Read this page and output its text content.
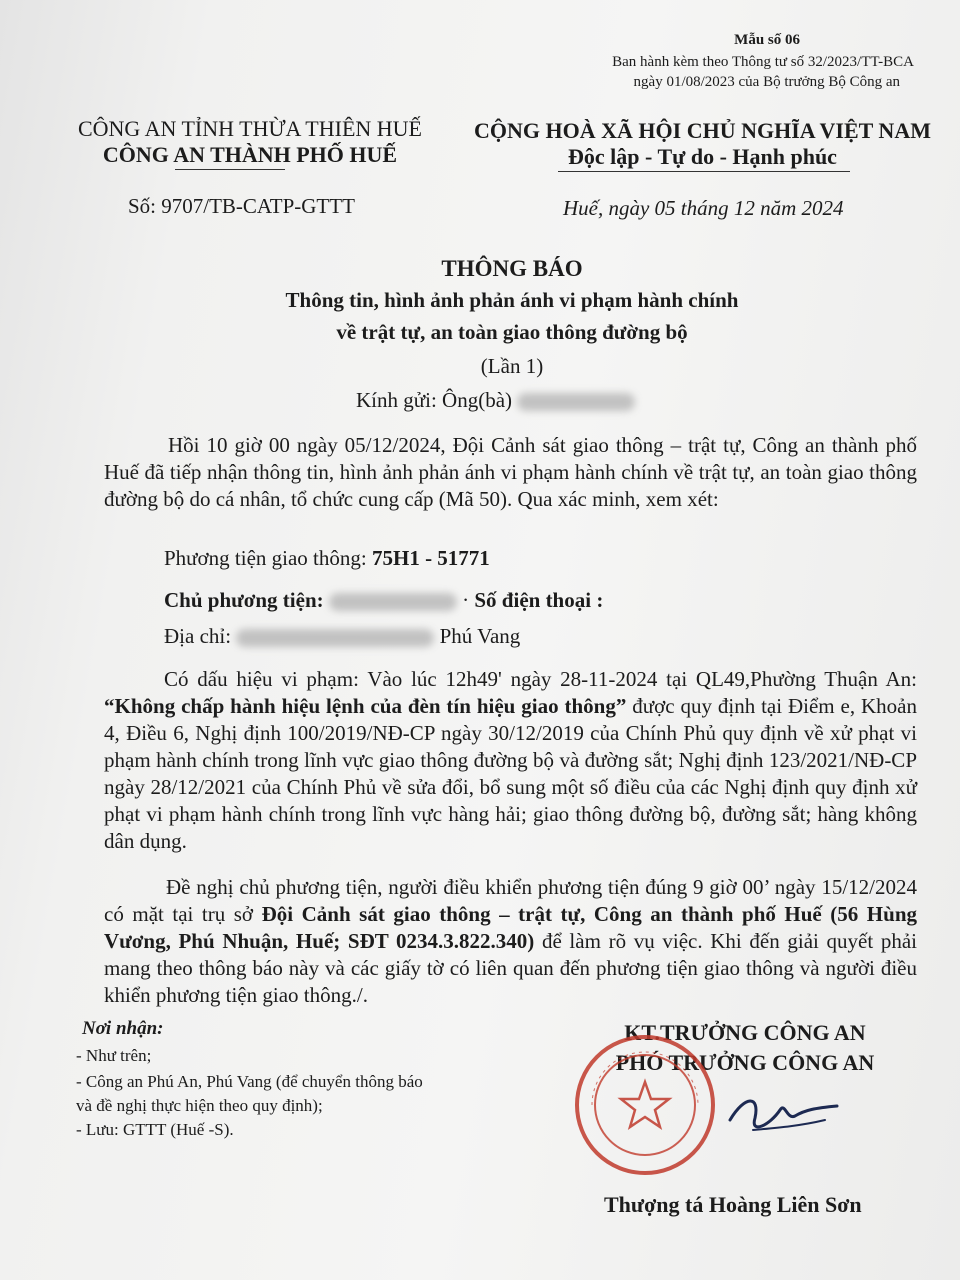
Mẫu số 06
Ban hành kèm theo Thông tư số 32/2023/TT-BCA
ngày 01/08/2023 của Bộ trưởng Bộ Công an
CÔNG AN TỈNH THỪA THIÊN HUẾ
CÔNG AN THÀNH PHỐ HUẾ
Số: 9707/TB-CATP-GTTT
CỘNG HOÀ XÃ HỘI CHỦ NGHĨA VIỆT NAM
Độc lập - Tự do - Hạnh phúc
Huế, ngày 05 tháng 12 năm 2024
THÔNG BÁO
Thông tin, hình ảnh phản ánh vi phạm hành chính
về trật tự, an toàn giao thông đường bộ
(Lần 1)
Kính gửi: Ông(bà)

Hồi 10 giờ 00 ngày 05/12/2024, Đội Cảnh sát giao thông – trật tự, Công an thành phố Huế đã tiếp nhận thông tin, hình ảnh phản ánh vi phạm hành chính về trật tự, an toàn giao thông đường bộ do cá nhân, tổ chức cung cấp (Mã 50). Qua xác minh, xem xét:

Phương tiện giao thông: 75H1 - 51771
Chủ phương tiện:	· Số điện thoại :
Địa chỉ:	Phú Vang

Có dấu hiệu vi phạm: Vào lúc 12h49' ngày 28-11-2024 tại QL49,Phường Thuận An: “Không chấp hành hiệu lệnh của đèn tín hiệu giao thông” được quy định tại Điểm e, Khoản 4, Điều 6, Nghị định 100/2019/NĐ-CP ngày 30/12/2019 của Chính Phủ quy định về xử phạt vi phạm hành chính trong lĩnh vực giao thông đường bộ và đường sắt; Nghị định 123/2021/NĐ-CP ngày 28/12/2021 của Chính Phủ về sửa đổi, bổ sung một số điều của các Nghị định quy định xử phạt vi phạm hành chính trong lĩnh vực hàng hải; giao thông đường bộ, đường sắt; hàng không dân dụng.

Đề nghị chủ phương tiện, người điều khiển phương tiện đúng 9 giờ 00’ ngày 15/12/2024 có mặt tại trụ sở Đội Cảnh sát giao thông – trật tự, Công an thành phố Huế (56 Hùng Vương, Phú Nhuận, Huế; SĐT 0234.3.822.340) để làm rõ vụ việc. Khi đến giải quyết phải mang theo thông báo này và các giấy tờ có liên quan đến phương tiện giao thông và người điều khiển phương tiện giao thông./.

Nơi nhận:
- Như trên;
- Công an Phú An, Phú Vang (để chuyển thông báo
và đề nghị thực hiện theo quy định);
- Lưu: GTTT (Huế -S).
KT.TRƯỞNG CÔNG AN
PHÓ TRƯỞNG CÔNG AN
Thượng tá Hoàng Liên Sơn
